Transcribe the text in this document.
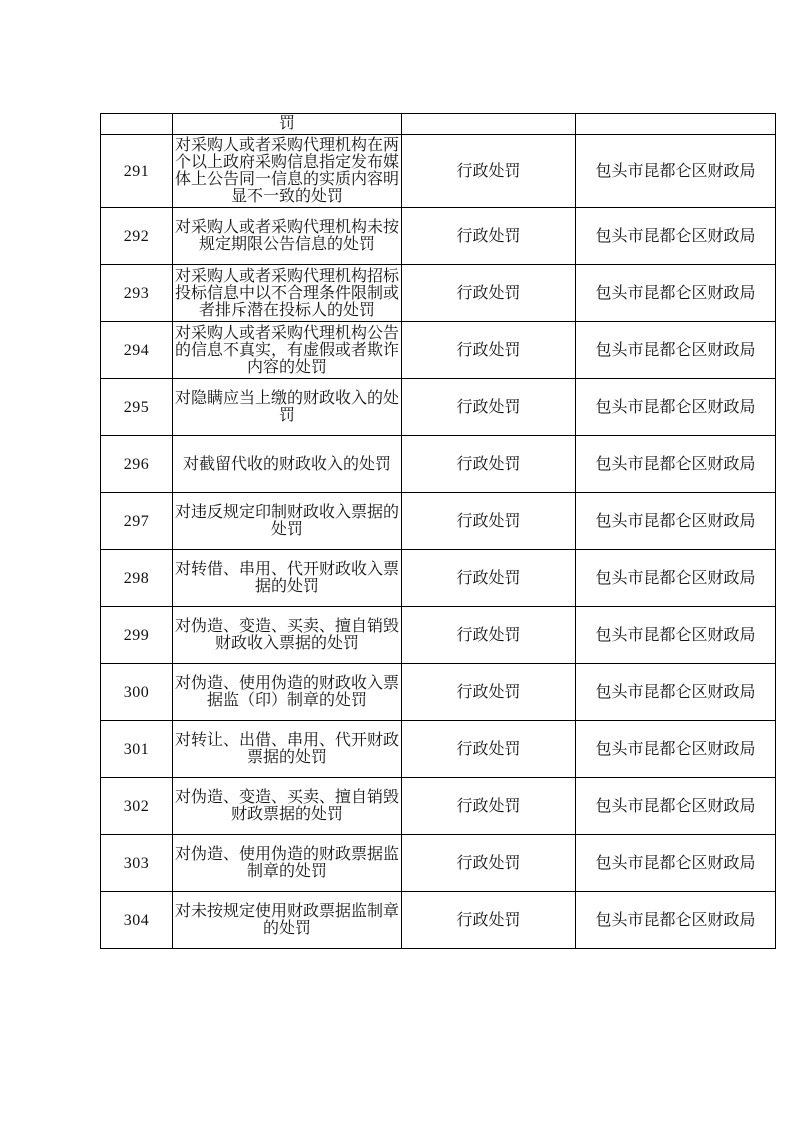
	罚		
291	对采购人或者采购代理机构在两个以上政府采购信息指定发布媒体上公告同一信息的实质内容明显不一致的处罚	行政处罚	包头市昆都仑区财政局
292	对采购人或者采购代理机构未按规定期限公告信息的处罚	行政处罚	包头市昆都仑区财政局
293	对采购人或者采购代理机构招标投标信息中以不合理条件限制或者排斥潜在投标人的处罚	行政处罚	包头市昆都仑区财政局
294	对采购人或者采购代理机构公告的信息不真实，有虚假或者欺诈内容的处罚	行政处罚	包头市昆都仑区财政局
295	对隐瞒应当上缴的财政收入的处罚	行政处罚	包头市昆都仑区财政局
296	对截留代收的财政收入的处罚	行政处罚	包头市昆都仑区财政局
297	对违反规定印制财政收入票据的处罚	行政处罚	包头市昆都仑区财政局
298	对转借、串用、代开财政收入票据的处罚	行政处罚	包头市昆都仑区财政局
299	对伪造、变造、买卖、擅自销毁财政收入票据的处罚	行政处罚	包头市昆都仑区财政局
300	对伪造、使用伪造的财政收入票据监（印）制章的处罚	行政处罚	包头市昆都仑区财政局
301	对转让、出借、串用、代开财政票据的处罚	行政处罚	包头市昆都仑区财政局
302	对伪造、变造、买卖、擅自销毁财政票据的处罚	行政处罚	包头市昆都仑区财政局
303	对伪造、使用伪造的财政票据监制章的处罚	行政处罚	包头市昆都仑区财政局
304	对未按规定使用财政票据监制章的处罚	行政处罚	包头市昆都仑区财政局
